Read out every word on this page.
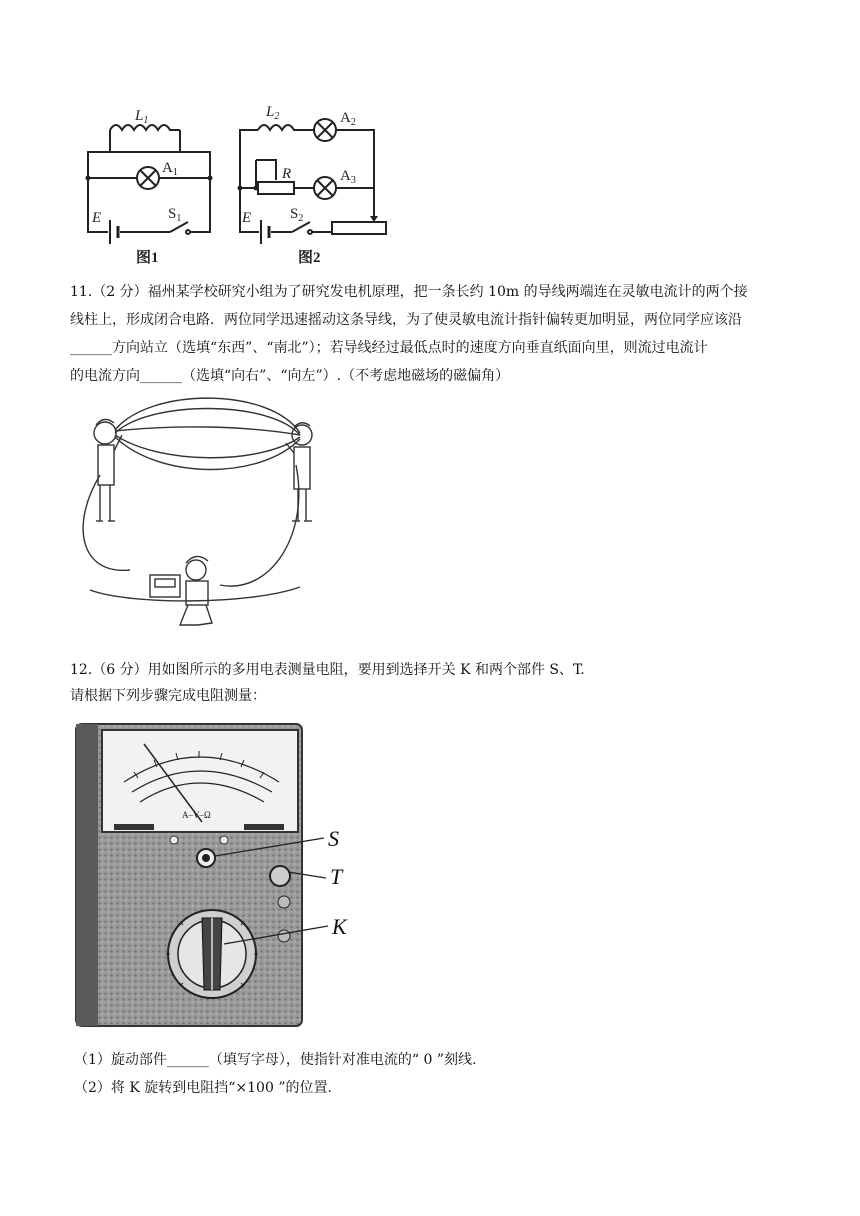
$L_1$
$A_1$
E	$S_1$
图1
$L_2$	$A_2$
R	$A_3$
E	$S_2$
图2
11.（2 分）福州某学校研究小组为了研究发电机原理，把一条长约 10m 的导线两端连在灵敏电流计的两个接
线柱上，形成闭合电路．两位同学迅速摇动这条导线，为了使灵敏电流计指针偏转更加明显，两位同学应该沿
______方向站立（选填“东西”、“南北”）；若导线经过最低点时的速度方向垂直纸面向里，则流过电流计
的电流方向______（选填“向右”、“向左”）.（不考虑地磁场的磁偏角）
12.（6 分）用如图所示的多用电表测量电阻，要用到选择开关 K 和两个部件 S、T.
请根据下列步骤完成电阻测量：
A–V–Ω
S
T
K
（1）旋动部件______（填写字母），使指针对准电流的“ 0 ”刻线.
（2）将 K 旋转到电阻挡“×100 ”的位置.
